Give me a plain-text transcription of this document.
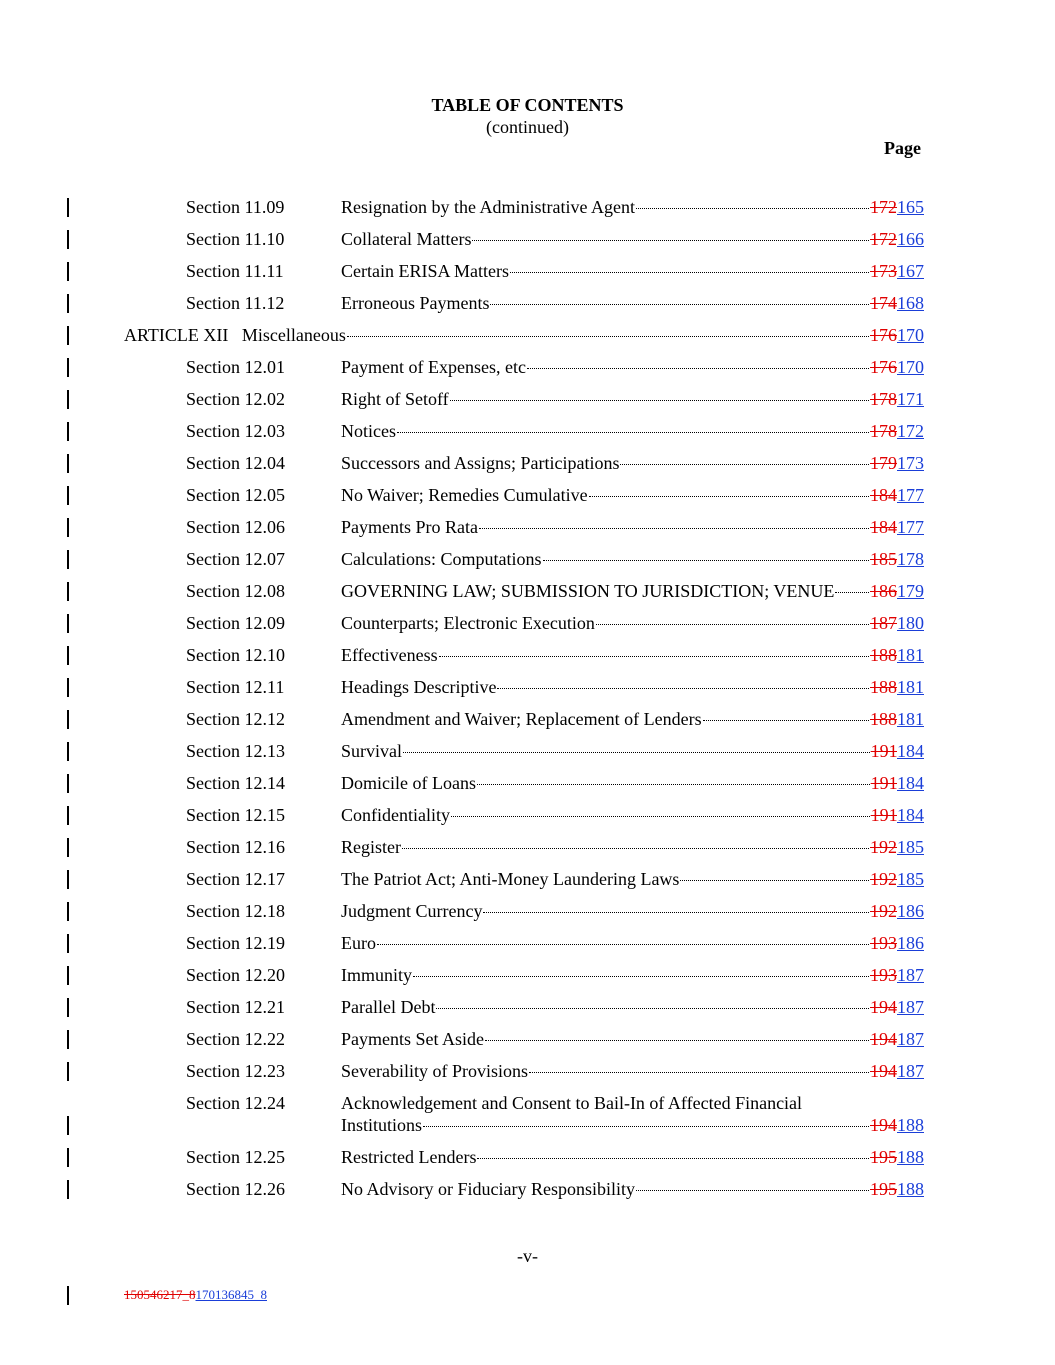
TABLE OF CONTENTS
(continued)
Page
Section 11.09	Resignation by the Administrative Agent	172165
Section 11.10	Collateral Matters	172166
Section 11.11	Certain ERISA Matters	173167
Section 11.12	Erroneous Payments	174168
ARTICLE XII   Miscellaneous	176170
Section 12.01	Payment of Expenses, etc	176170
Section 12.02	Right of Setoff	178171
Section 12.03	Notices	178172
Section 12.04	Successors and Assigns; Participations	179173
Section 12.05	No Waiver; Remedies Cumulative	184177
Section 12.06	Payments Pro Rata	184177
Section 12.07	Calculations: Computations	185178
Section 12.08	GOVERNING LAW; SUBMISSION TO JURISDICTION; VENUE 186179
Section 12.09	Counterparts; Electronic Execution	187180
Section 12.10	Effectiveness	188181
Section 12.11	Headings Descriptive	188181
Section 12.12	Amendment and Waiver; Replacement of Lenders	188181
Section 12.13	Survival	191184
Section 12.14	Domicile of Loans	191184
Section 12.15	Confidentiality	191184
Section 12.16	Register	192185
Section 12.17	The Patriot Act; Anti-Money Laundering Laws	192185
Section 12.18	Judgment Currency	192186
Section 12.19	Euro	193186
Section 12.20	Immunity	193187
Section 12.21	Parallel Debt	194187
Section 12.22	Payments Set Aside	194187
Section 12.23	Severability of Provisions	194187
Section 12.24	Acknowledgement and Consent to Bail-In of Affected Financial
Institutions	194188
Section 12.25	Restricted Lenders	195188
Section 12.26	No Advisory or Fiduciary Responsibility	195188
-v-
150546217_8170136845_8
